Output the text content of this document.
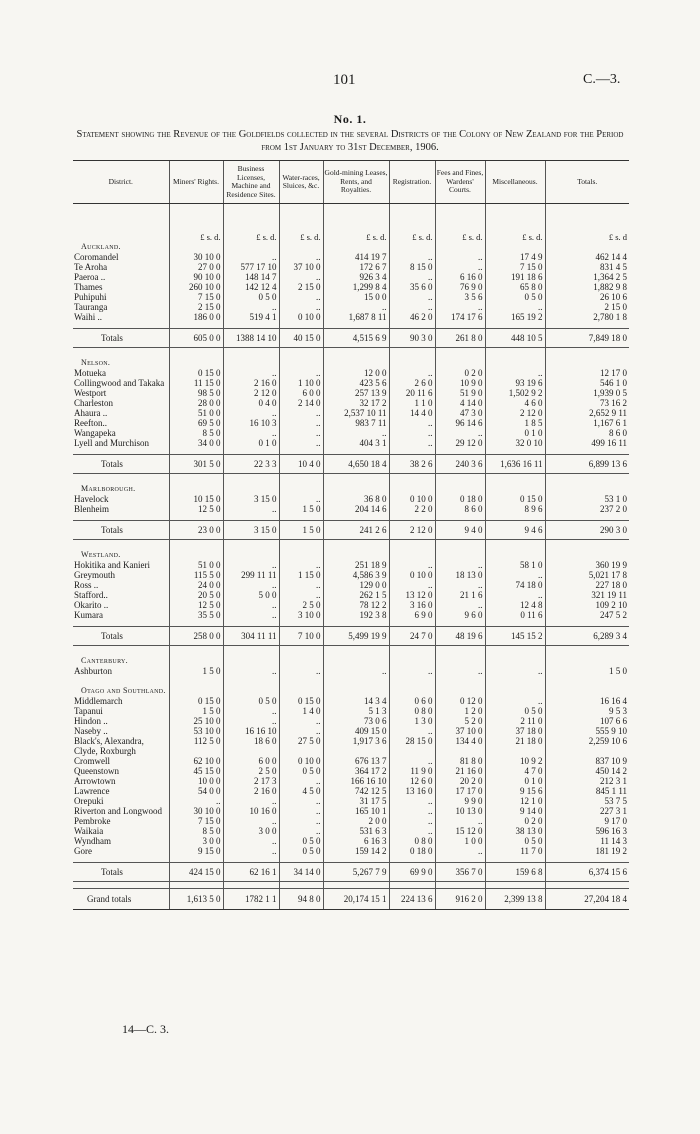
101	C.—3.
No. 1.
Statement showing the Revenue of the Goldfields collected in the several Districts of the Colony of New Zealand for the Period from 1st January to 31st December, 1906.
District.	Miners' Rights.	Business Licenses, Machine and Residence Sites.	Water-races, Sluices, &c.	Gold-mining Leases, Rents, and Royalties.	Registration.	Fees and Fines, Wardens' Courts.	Miscellaneous.	Totals.
	£ s. d.	£ s. d.	£ s. d.	£ s. d.	£ s. d.	£ s. d.	£ s. d.	£ s. d
Auckland.								
Coromandel	30 10 0	..	..	414 19 7	..	..	17 4 9	462 14 4
Te Aroha	27 0 0	577 17 10	37 10 0	172 6 7	8 15 0	..	7 15 0	831 4 5
Paeroa ..	90 10 0	148 14 7	..	926 3 4	..	6 16 0	191 18 6	1,364 2 5
Thames	260 10 0	142 12 4	2 15 0	1,299 8 4	35 6 0	76 9 0	65 8 0	1,882 9 8
Puhipuhi	7 15 0	0 5 0	..	15 0 0	..	3 5 6	0 5 0	26 10 6
Tauranga	2 15 0	..	..	..	..	..	..	2 15 0
Waihi ..	186 0 0	519 4 1	0 10 0	1,687 8 11	46 2 0	174 17 6	165 19 2	2,780 1 8

Totals	605 0 0	1388 14 10	40 15 0	4,515 6 9	90 3 0	261 8 0	448 10 5	7,849 18 0
Nelson.								
Motueka	0 15 0	..	..	12 0 0	..	0 2 0	..	12 17 0
Collingwood and Takaka	11 15 0	2 16 0	1 10 0	423 5 6	2 6 0	10 9 0	93 19 6	546 1 0
Westport	98 5 0	2 12 0	6 0 0	257 13 9	20 11 6	51 9 0	1,502 9 2	1,939 0 5
Charleston	28 0 0	0 4 0	2 14 0	32 17 2	1 1 0	4 14 0	4 6 0	73 16 2
Ahaura ..	51 0 0	..	..	2,537 10 11	14 4 0	47 3 0	2 12 0	2,652 9 11
Reefton..	69 5 0	16 10 3	..	983 7 11	..	96 14 6	1 8 5	1,167 6 1
Wangapeka	8 5 0	..	..	..	..	..	0 1 0	8 6 0
Lyell and Murchison	34 0 0	0 1 0	..	404 3 1	..	29 12 0	32 0 10	499 16 11

Totals	301 5 0	22 3 3	10 4 0	4,650 18 4	38 2 6	240 3 6	1,636 16 11	6,899 13 6
Marlborough.								
Havelock	10 15 0	3 15 0	..	36 8 0	0 10 0	0 18 0	0 15 0	53 1 0
Blenheim	12 5 0	..	1 5 0	204 14 6	2 2 0	8 6 0	8 9 6	237 2 0

Totals	23 0 0	3 15 0	1 5 0	241 2 6	2 12 0	9 4 0	9 4 6	290 3 0
Westland.								
Hokitika and Kanieri	51 0 0	..	..	251 18 9	..	..	58 1 0	360 19 9
Greymouth	115 5 0	299 11 11	1 15 0	4,586 3 9	0 10 0	18 13 0	..	5,021 17 8
Ross ..	24 0 0	..	..	129 0 0	..	..	74 18 0	227 18 0
Stafford..	20 5 0	5 0 0	..	262 1 5	13 12 0	21 1 6	..	321 19 11
Okarito ..	12 5 0	..	2 5 0	78 12 2	3 16 0	..	12 4 8	109 2 10
Kumara	35 5 0	..	3 10 0	192 3 8	6 9 0	9 6 0	0 11 6	247 5 2

Totals	258 0 0	304 11 11	7 10 0	5,499 19 9	24 7 0	48 19 6	145 15 2	6,289 3 4
Canterbury.								
Ashburton	1 5 0	..	..	..	..	..	..	1 5 0
Otago and Southland.								
Middlemarch	0 15 0	0 5 0	0 15 0	14 3 4	0 6 0	0 12 0	..	16 16 4
Tapanui	1 5 0	..	1 4 0	5 1 3	0 8 0	1 2 0	0 5 0	9 5 3
Hindon ..	25 10 0	..	..	73 0 6	1 3 0	5 2 0	2 11 0	107 6 6
Naseby ..	53 10 0	16 16 10	..	409 15 0	..	37 10 0	37 18 0	555 9 10
Black's, Alexandra, Clyde, Roxburgh	112 5 0	18 6 0	27 5 0	1,917 3 6	28 15 0	134 4 0	21 18 0	2,259 10 6
Cromwell	62 10 0	6 0 0	0 10 0	676 13 7	..	81 8 0	10 9 2	837 10 9
Queenstown	45 15 0	2 5 0	0 5 0	364 17 2	11 9 0	21 16 0	4 7 0	450 14 2
Arrowtown	10 0 0	2 17 3	..	166 16 10	12 6 0	20 2 0	0 1 0	212 3 1
Lawrence	54 0 0	2 16 0	4 5 0	742 12 5	13 16 0	17 17 0	9 15 6	845 1 11
Orepuki	..	..	..	31 17 5	..	9 9 0	12 1 0	53 7 5
Riverton and Longwood	30 10 0	10 16 0	..	165 10 1	..	10 13 0	9 14 0	227 3 1
Pembroke	7 15 0	..	..	2 0 0	..	..	0 2 0	9 17 0
Waikaia	8 5 0	3 0 0	..	531 6 3	..	15 12 0	38 13 0	596 16 3
Wyndham	3 0 0	..	0 5 0	6 16 3	0 8 0	1 0 0	0 5 0	11 14 3
Gore	9 15 0	..	0 5 0	159 14 2	0 18 0	..	11 7 0	181 19 2

Totals	424 15 0	62 16 1	34 14 0	5,267 7 9	69 9 0	356 7 0	159 6 8	6,374 15 6

Grand totals	1,613 5 0	1782 1 1	94 8 0	20,174 15 1	224 13 6	916 2 0	2,399 13 8	27,204 18 4
14—C. 3.
